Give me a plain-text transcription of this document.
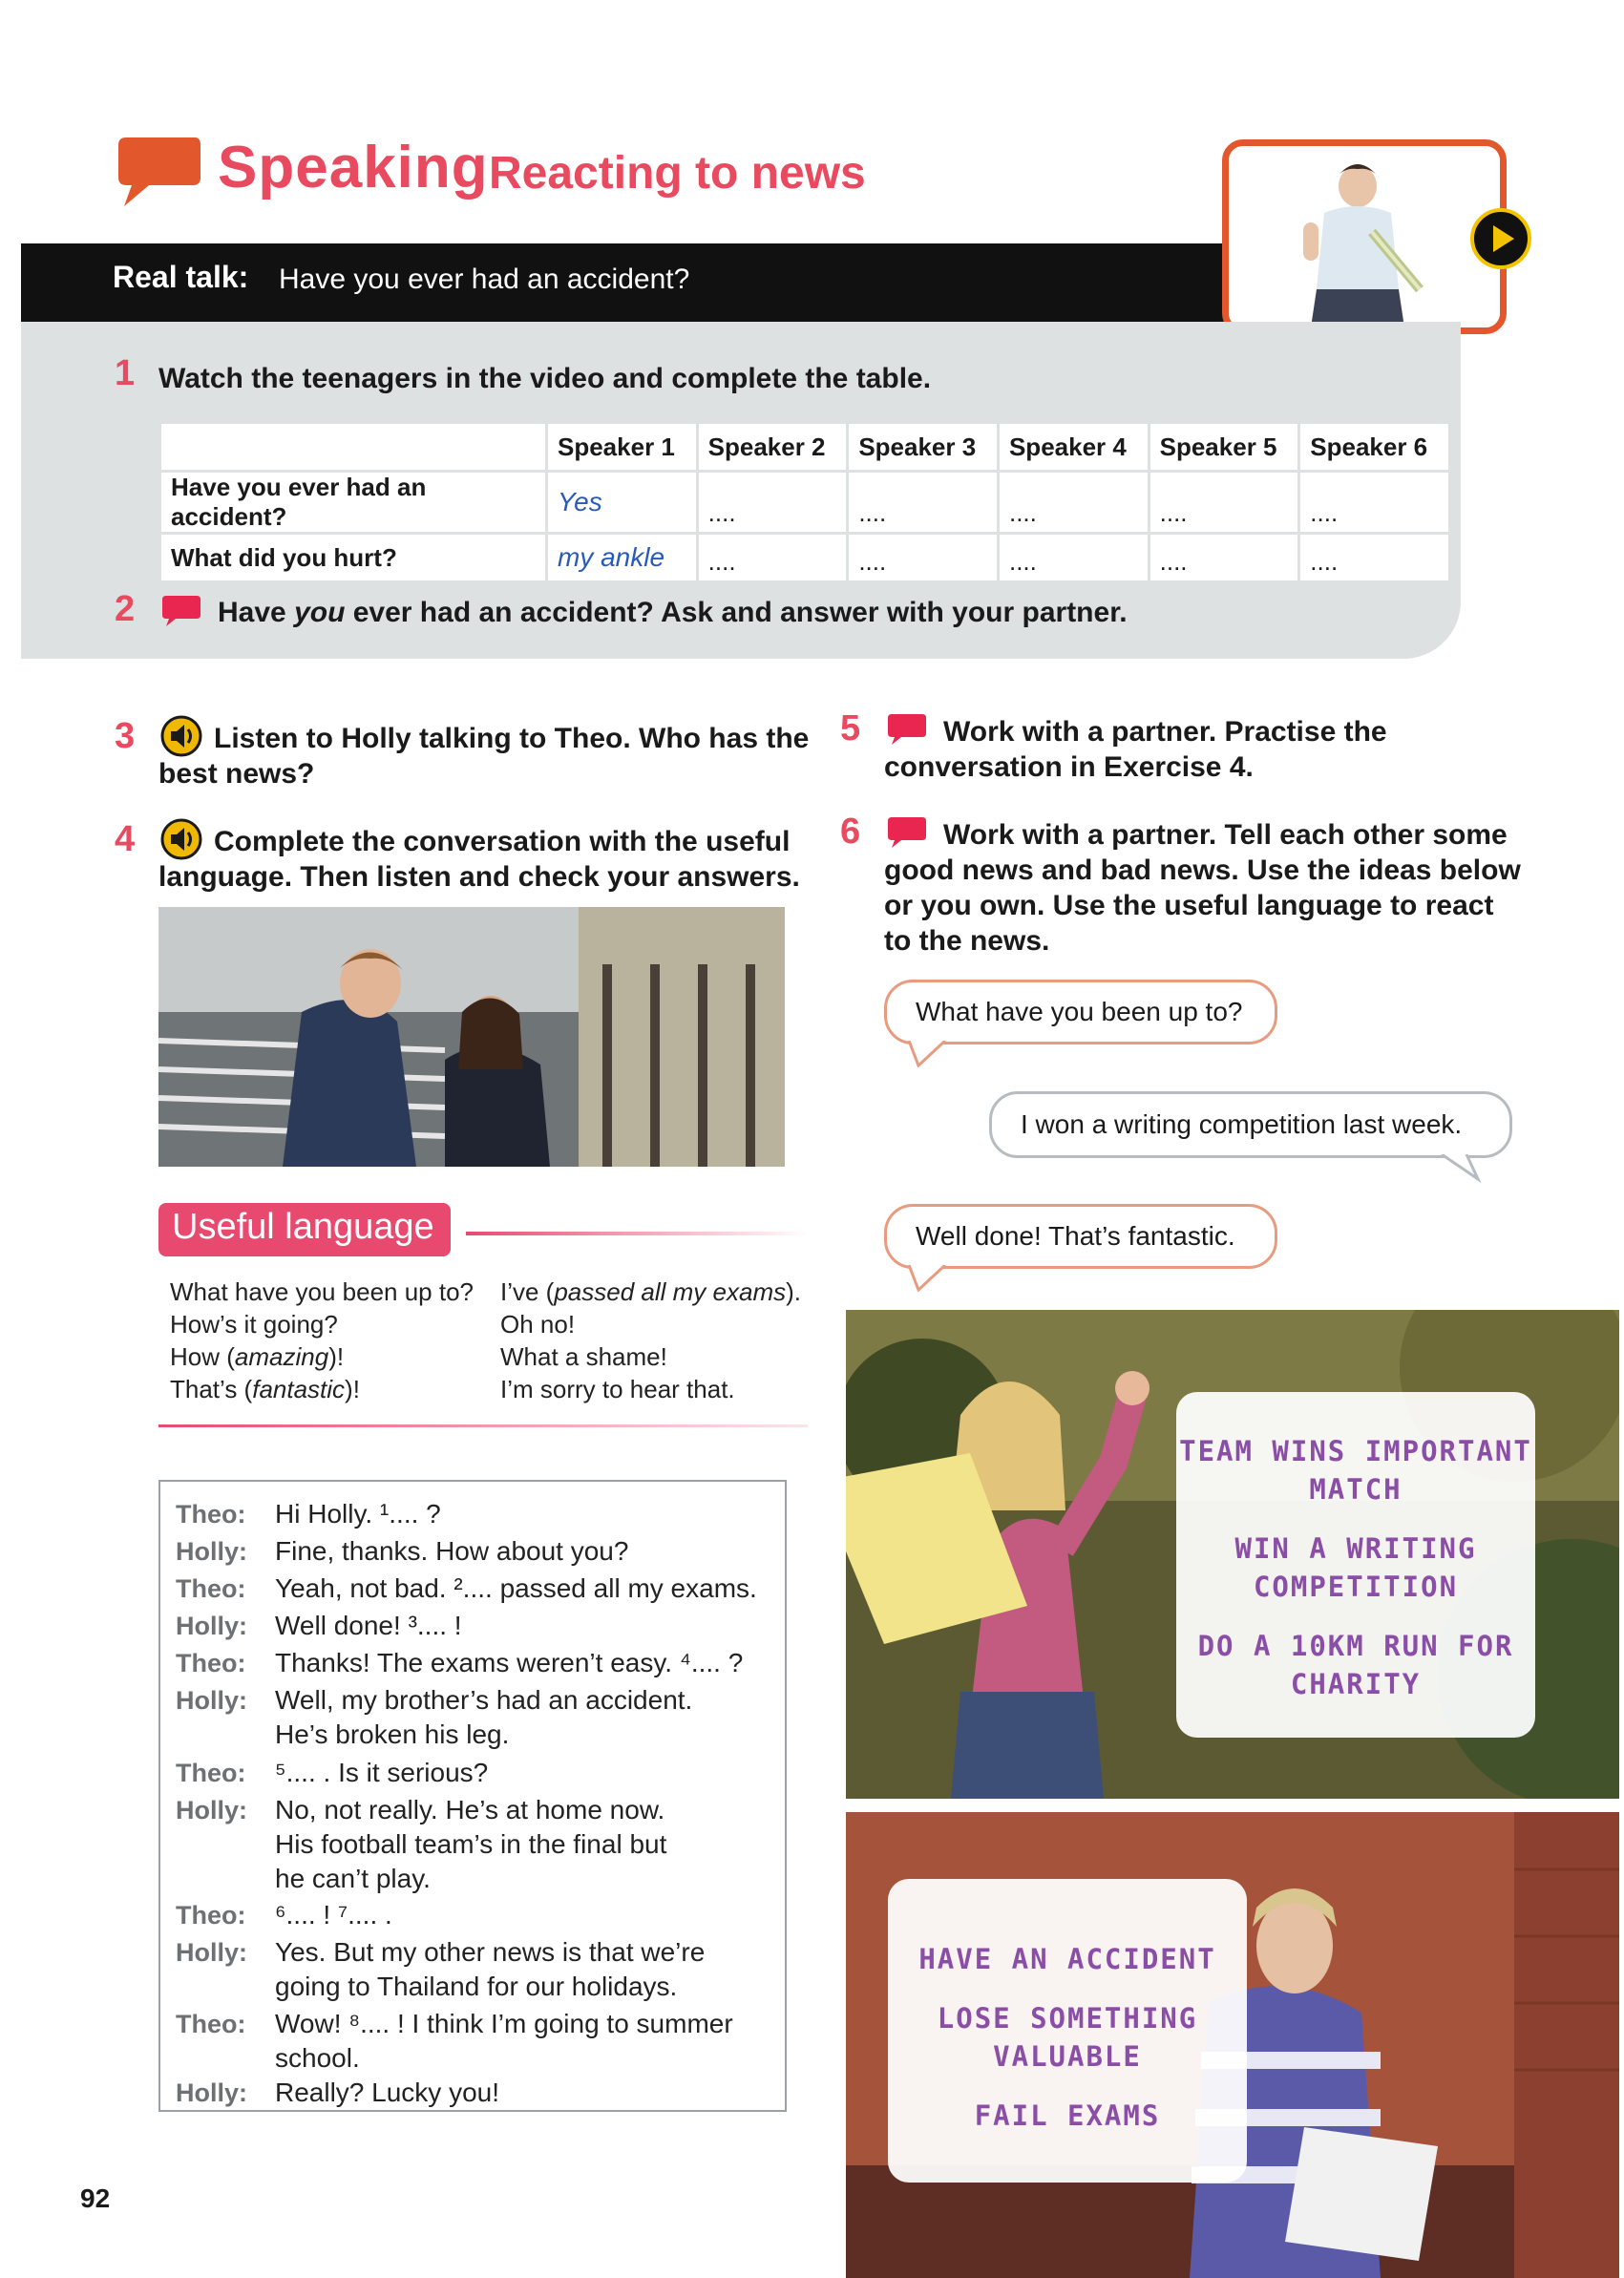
Speaking Reacting to news
Real talk: Have you ever had an accident?
1 Watch the teenagers in the video and complete the table.
	Speaker 1	Speaker 2	Speaker 3	Speaker 4	Speaker 5	Speaker 6
Have you ever had an accident?	Yes	....	....	....	....	....
What did you hurt?	my ankle	....	....	....	....	....
2	Have you ever had an accident? Ask and answer with your partner.
3	Listen to Holly talking to Theo. Who has the
best news?
4	Complete the conversation with the useful
language. Then listen and check your answers.
Useful language
What have you been up to?
How’s it going?
How (amazing)!
That’s (fantastic)!
I’ve (passed all my exams).
Oh no!
What a shame!
I’m sorry to hear that.
Theo: Hi Holly. ¹.... ?
Holly: Fine, thanks. How about you?
Theo: Yeah, not bad. ².... passed all my exams.
Holly: Well done! ³.... !
Theo: Thanks! The exams weren’t easy. ⁴.... ?
Holly: Well, my brother’s had an accident.
He’s broken his leg.
Theo: ⁵.... . Is it serious?
Holly: No, not really. He’s at home now.
His football team’s in the final but
he can’t play.
Theo: ⁶.... ! ⁷.... .
Holly: Yes. But my other news is that we’re
going to Thailand for our holidays.
Theo: Wow! ⁸.... ! I think I’m going to summer
school.
Holly: Really? Lucky you!
5	Work with a partner. Practise the
conversation in Exercise 4.
6	Work with a partner. Tell each other some
good news and bad news. Use the ideas below
or you own. Use the useful language to react
to the news.
What have you been up to?
I won a writing competition last week.
Well done! That’s fantastic.
TEAM WINS IMPORTANT
MATCH
WIN A WRITING
COMPETITION
DO A 10KM RUN FOR
CHARITY
HAVE AN ACCIDENT
LOSE SOMETHING
VALUABLE
FAIL EXAMS
92
